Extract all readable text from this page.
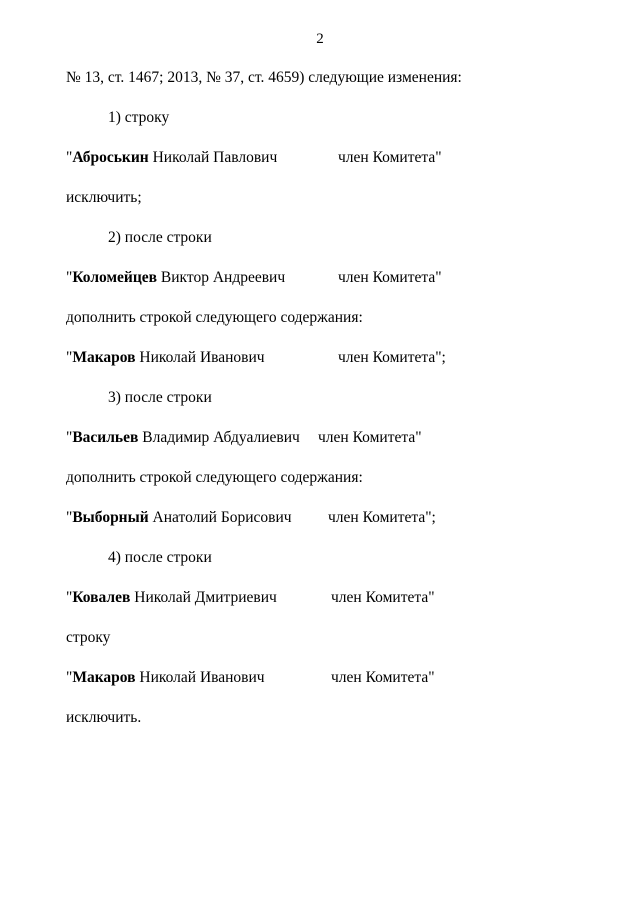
2

№ 13, ст. 1467; 2013, № 37, ст. 4659) следующие изменения:

1) строку

"Аброськин Николай Павлович	член Комитета"

исключить;

2) после строки

"Коломейцев Виктор Андреевич	член Комитета"

дополнить строкой следующего содержания:

"Макаров Николай Иванович	член Комитета";

3) после строки

"Васильев Владимир Абдуалиевич	член Комитета"

дополнить строкой следующего содержания:

"Выборный Анатолий Борисович	член Комитета";

4) после строки

"Ковалев Николай Дмитриевич	член Комитета"

строку

"Макаров Николай Иванович	член Комитета"

исключить.
